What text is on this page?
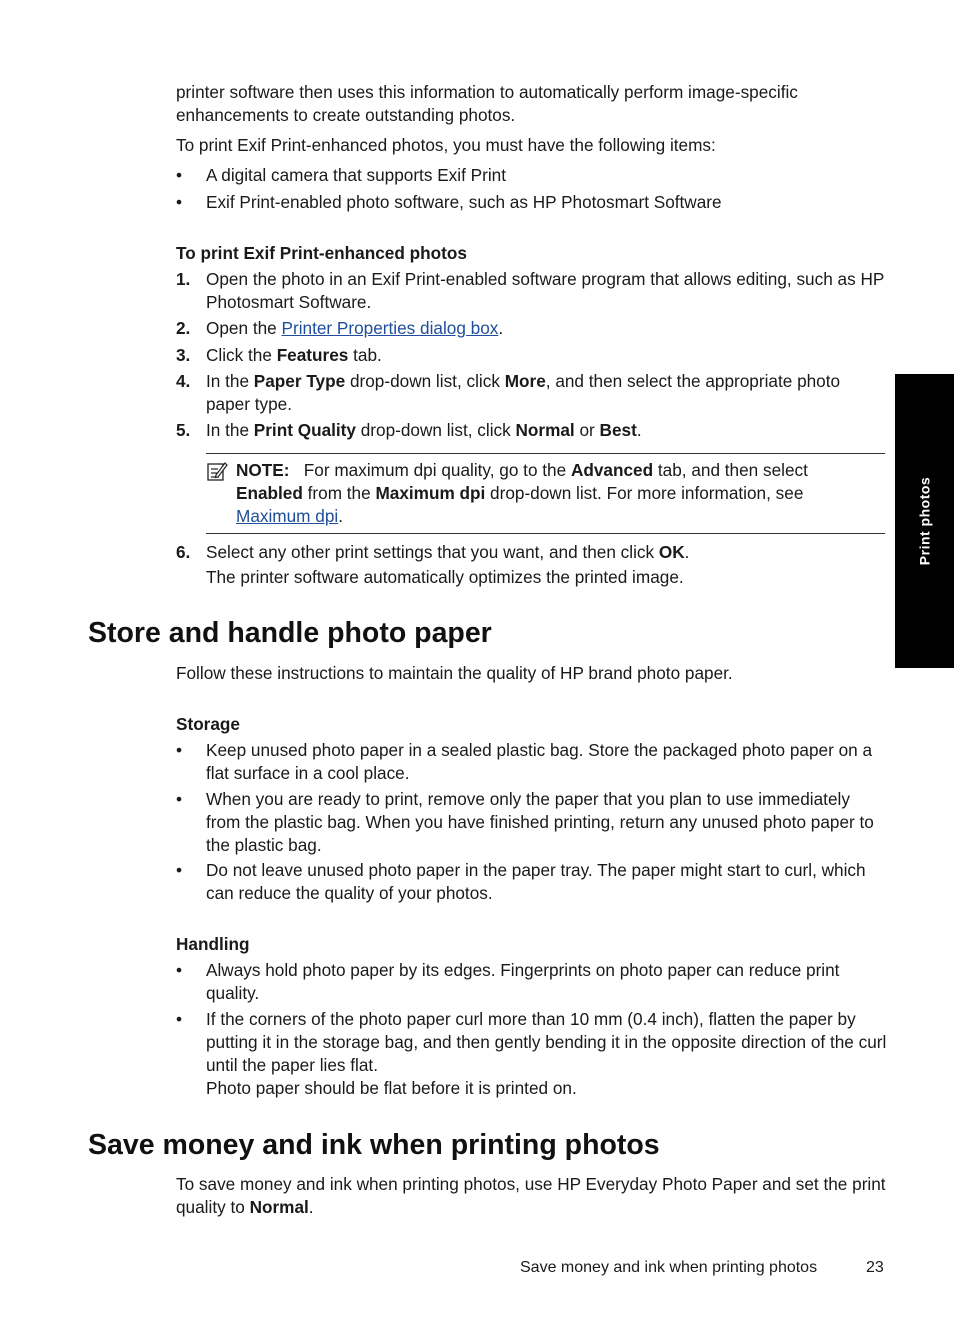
printer software then uses this information to automatically perform image-specific enhancements to create outstanding photos.

To print Exif Print-enhanced photos, you must have the following items:

•	A digital camera that supports Exif Print
•	Exif Print-enabled photo software, such as HP Photosmart Software
To print Exif Print-enhanced photos
1. Open the photo in an Exif Print-enabled software program that allows editing, such as HP Photosmart Software.
2. Open the Printer Properties dialog box.
3. Click the Features tab.
4. In the Paper Type drop-down list, click More, and then select the appropriate photo paper type.
5. In the Print Quality drop-down list, click Normal or Best.
NOTE: For maximum dpi quality, go to the Advanced tab, and then select Enabled from the Maximum dpi drop-down list. For more information, see Maximum dpi.
6. Select any other print settings that you want, and then click OK.
The printer software automatically optimizes the printed image.
Store and handle photo paper

Follow these instructions to maintain the quality of HP brand photo paper.

Storage
•	Keep unused photo paper in a sealed plastic bag. Store the packaged photo paper on a flat surface in a cool place.
•	When you are ready to print, remove only the paper that you plan to use immediately from the plastic bag. When you have finished printing, return any unused photo paper to the plastic bag.
•	Do not leave unused photo paper in the paper tray. The paper might start to curl, which can reduce the quality of your photos.
Handling
•	Always hold photo paper by its edges. Fingerprints on photo paper can reduce print quality.
•	If the corners of the photo paper curl more than 10 mm (0.4 inch), flatten the paper by putting it in the storage bag, and then gently bending it in the opposite direction of the curl until the paper lies flat.
Photo paper should be flat before it is printed on.
Save money and ink when printing photos

To save money and ink when printing photos, use HP Everyday Photo Paper and set the print quality to Normal.

Print photos
Save money and ink when printing photos	23
